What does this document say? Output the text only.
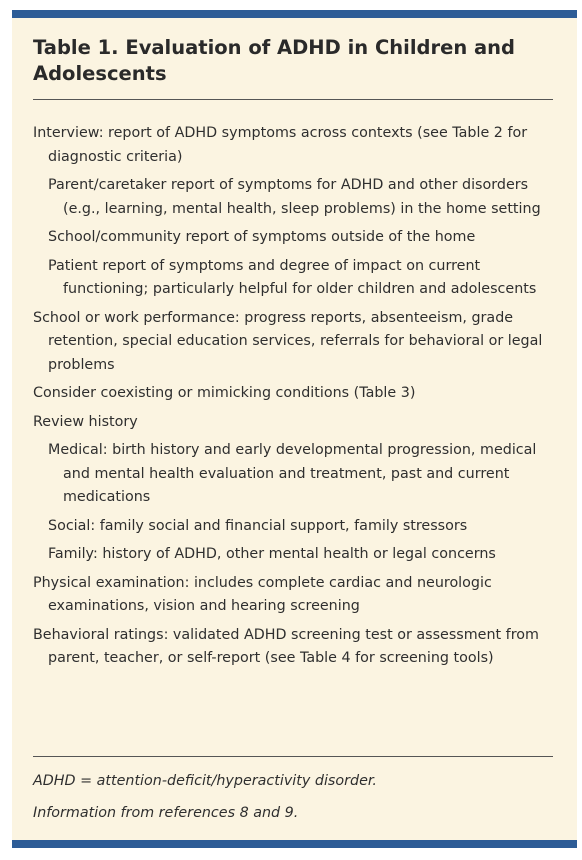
Table 1. Evaluation of ADHD in Children and Adolescents
Interview: report of ADHD symptoms across contexts (see Table 2 for diagnostic criteria)
Parent/caretaker report of symptoms for ADHD and other disorders (e.g., learning, mental health, sleep problems) in the home setting
School/community report of symptoms outside of the home
Patient report of symptoms and degree of impact on current functioning; particularly helpful for older children and adolescents
School or work performance: progress reports, absenteeism, grade retention, special education services, referrals for behavioral or legal problems
Consider coexisting or mimicking conditions (Table 3)
Review history
Medical: birth history and early developmental progression, medical and mental health evaluation and treatment, past and current medications
Social: family social and financial support, family stressors
Family: history of ADHD, other mental health or legal concerns
Physical examination: includes complete cardiac and neurologic examinations, vision and hearing screening
Behavioral ratings: validated ADHD screening test or assessment from parent, teacher, or self-report (see Table 4 for screening tools)
ADHD = attention-deficit/hyperactivity disorder.
Information from references 8 and 9.
